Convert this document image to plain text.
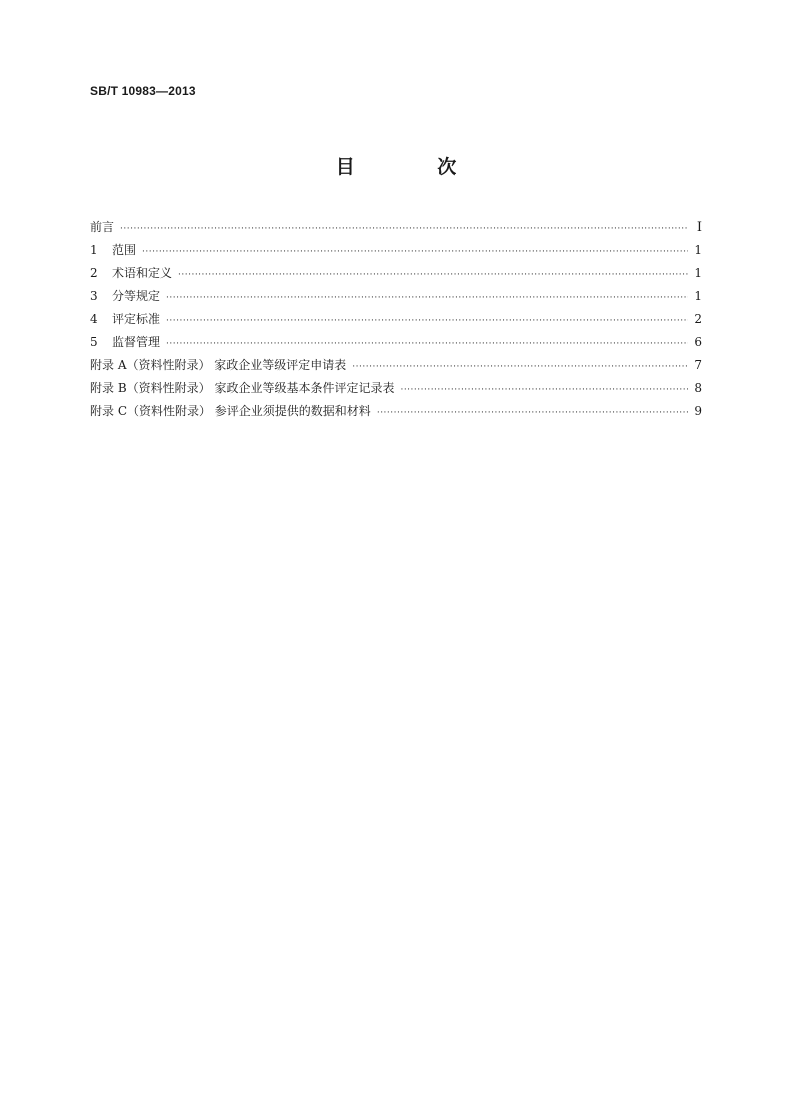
SB/T 10983—2013
目 次
前言 ·····	I
1 范围 ·····	1
2 术语和定义 ·····	1
3 分等规定 ·····	1
4 评定标准 ·····	2
5 监督管理 ·····	6
附录 A（资料性附录） 家政企业等级评定申请表 ·····	7
附录 B（资料性附录） 家政企业等级基本条件评定记录表 ·····	8
附录 C（资料性附录） 参评企业须提供的数据和材料 ·····	9
